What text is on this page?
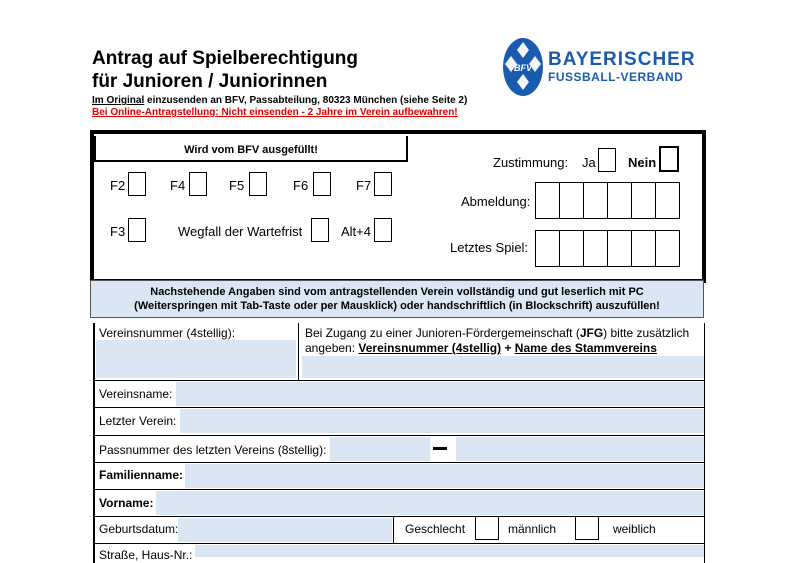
Antrag auf Spielberechtigung
für Junioren / Juniorinnen
Im Original einzusenden an BFV, Passabteilung, 80323 München (siehe Seite 2)
Bei Online-Antragstellung: Nicht einsenden - 2 Jahre im Verein aufbewahren!
BFV BAYERISCHER
FUSSBALL-VERBAND
Wird vom BFV ausgefüllt!
F2	F4	F5	F6	F7
F3	Wegfall der Wartefrist	Alt+4
Zustimmung: Ja Nein
Abmeldung:
Letztes Spiel:
Nachstehende Angaben sind vom antragstellenden Verein vollständig und gut leserlich mit PC
(Weiterspringen mit Tab-Taste oder per Mausklick) oder handschriftlich (in Blockschrift) auszufüllen!
Vereinsnummer (4stellig):	Bei Zugang zu einer Junioren-Fördergemeinschaft (JFG) bitte zusätzlich
angeben: Vereinsnummer (4stellig) + Name des Stammvereins
Vereinsname:
Letzter Verein:
Passnummer des letzten Vereins (8stellig):
Familienname:
Vorname:
Geburtsdatum:	Geschlecht	männlich	weiblich
Straße, Haus-Nr.:
